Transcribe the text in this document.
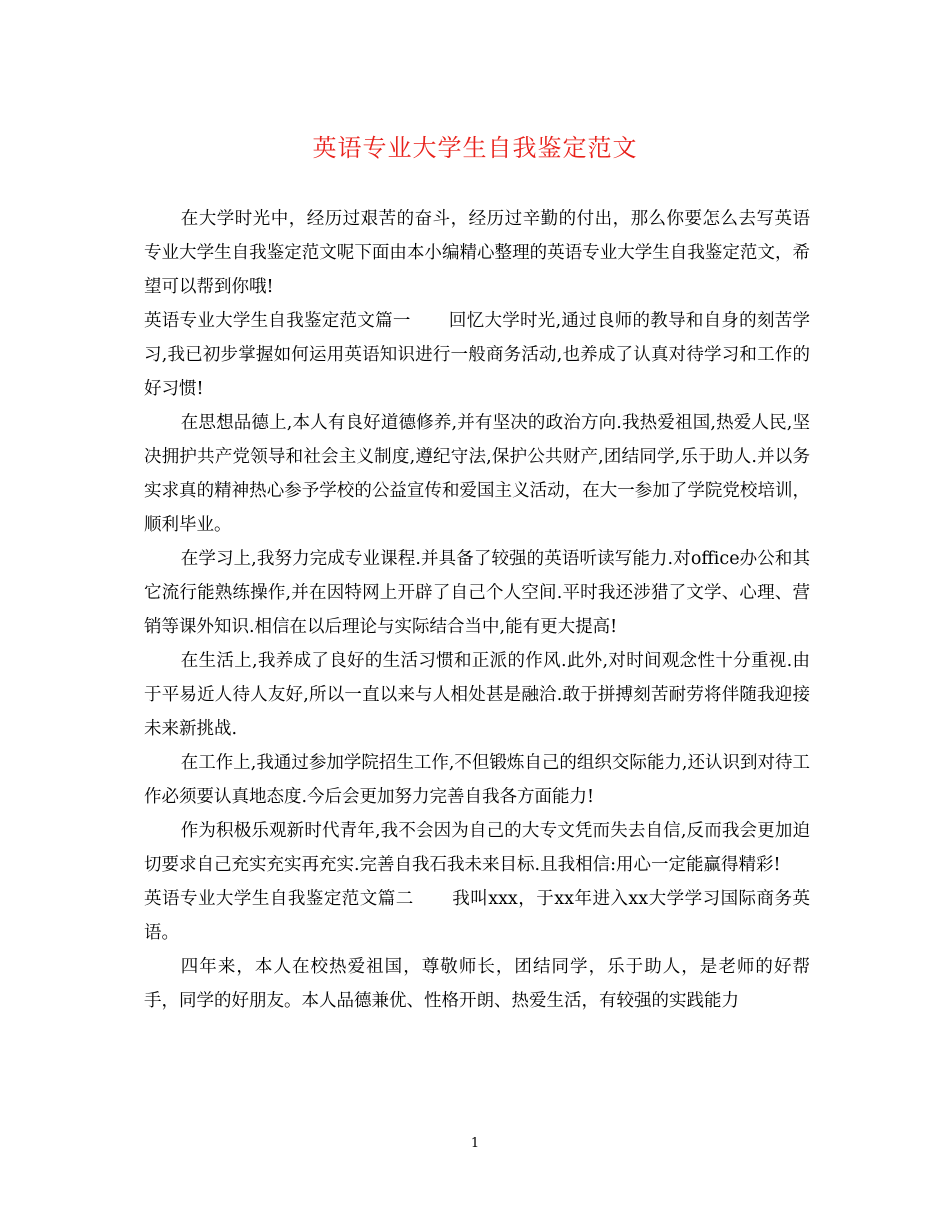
英语专业大学生自我鉴定范文

在大学时光中，经历过艰苦的奋斗，经历过辛勤的付出，那么你要怎么去写英语专业大学生自我鉴定范文呢下面由本小编精心整理的英语专业大学生自我鉴定范文，希望可以帮到你哦!

英语专业大学生自我鉴定范文篇一 回忆大学时光,通过良师的教导和自身的刻苦学习,我已初步掌握如何运用英语知识进行一般商务活动,也养成了认真对待学习和工作的好习惯!

在思想品德上,本人有良好道德修养,并有坚决的政治方向.我热爱祖国,热爱人民,坚决拥护共产党领导和社会主义制度,遵纪守法,保护公共财产,团结同学,乐于助人.并以务实求真的精神热心参予学校的公益宣传和爱国主义活动，在大一参加了学院党校培训，顺利毕业。

在学习上,我努力完成专业课程.并具备了较强的英语听读写能力.对office办公和其它流行能熟练操作,并在因特网上开辟了自己个人空间.平时我还涉猎了文学、心理、营销等课外知识.相信在以后理论与实际结合当中,能有更大提高!

在生活上,我养成了良好的生活习惯和正派的作风.此外,对时间观念性十分重视.由于平易近人待人友好,所以一直以来与人相处甚是融洽.敢于拼搏刻苦耐劳将伴随我迎接未来新挑战.

在工作上,我通过参加学院招生工作,不但锻炼自己的组织交际能力,还认识到对待工作必须要认真地态度.今后会更加努力完善自我各方面能力!

作为积极乐观新时代青年,我不会因为自己的大专文凭而失去自信,反而我会更加迫切要求自己充实充实再充实.完善自我石我未来目标.且我相信:用心一定能赢得精彩!

英语专业大学生自我鉴定范文篇二 我叫xxx，于xx年进入xx大学学习国际商务英语。

四年来，本人在校热爱祖国，尊敬师长，团结同学，乐于助人，是老师的好帮手，同学的好朋友。本人品德兼优、性格开朗、热爱生活，有较强的实践能力

1
